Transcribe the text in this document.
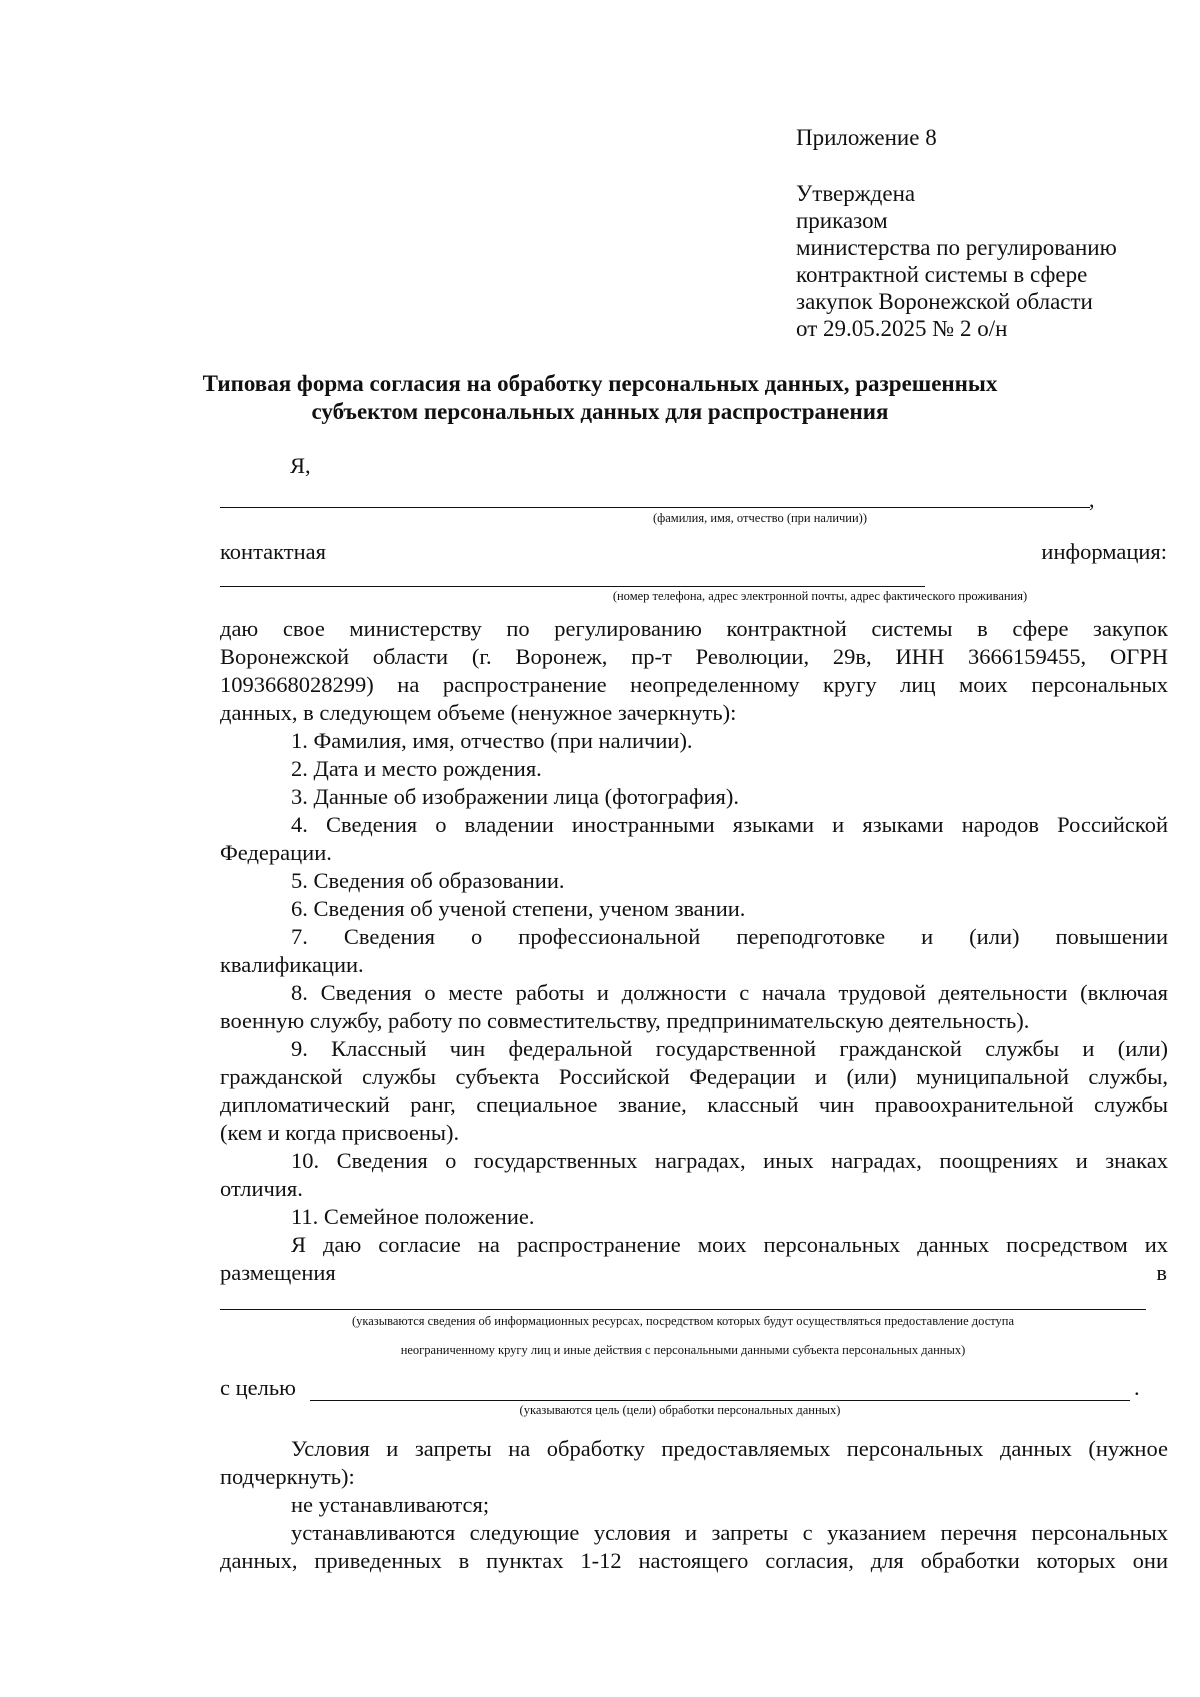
Приложение 8
Утверждена
приказом
министерства по регулированию
контрактной системы в сфере
закупок Воронежской области
от 29.05.2025 № 2 о/н
Типовая форма согласия на обработку персональных данных, разрешенных
субъектом персональных данных для распространения
Я,
,
(фамилия, имя, отчество (при наличии))
контактная	информация:
(номер телефона, адрес электронной почты, адрес фактического проживания)
даю свое министерству по регулированию контрактной системы в сфере закупок
Воронежской области (г. Воронеж, пр-т Революции, 29в, ИНН 3666159455, ОГРН
1093668028299) на распространение неопределенному кругу лиц моих персональных
данных, в следующем объеме (ненужное зачеркнуть):
1. Фамилия, имя, отчество (при наличии).
2. Дата и место рождения.
3. Данные об изображении лица (фотография).
4. Сведения о владении иностранными языками и языками народов Российской
Федерации.
5. Сведения об образовании.
6. Сведения об ученой степени, ученом звании.
7. Сведения о профессиональной переподготовке и (или) повышении
квалификации.
8. Сведения о месте работы и должности с начала трудовой деятельности (включая
военную службу, работу по совместительству, предпринимательскую деятельность).
9. Классный чин федеральной государственной гражданской службы и (или)
гражданской службы субъекта Российской Федерации и (или) муниципальной службы,
дипломатический ранг, специальное звание, классный чин правоохранительной службы
(кем и когда присвоены).
10. Сведения о государственных наградах, иных наградах, поощрениях и знаках
отличия.
11. Семейное положение.
Я даю согласие на распространение моих персональных данных посредством их
размещения	в
(указываются сведения об информационных ресурсах, посредством которых будут осуществляться предоставление доступа
неограниченному кругу лиц и иные действия с персональными данными субъекта персональных данных)
с целью	.
(указываются цель (цели) обработки персональных данных)
Условия и запреты на обработку предоставляемых персональных данных (нужное
подчеркнуть):
не устанавливаются;
устанавливаются следующие условия и запреты с указанием перечня персональных
данных, приведенных в пунктах 1-12 настоящего согласия, для обработки которых они
